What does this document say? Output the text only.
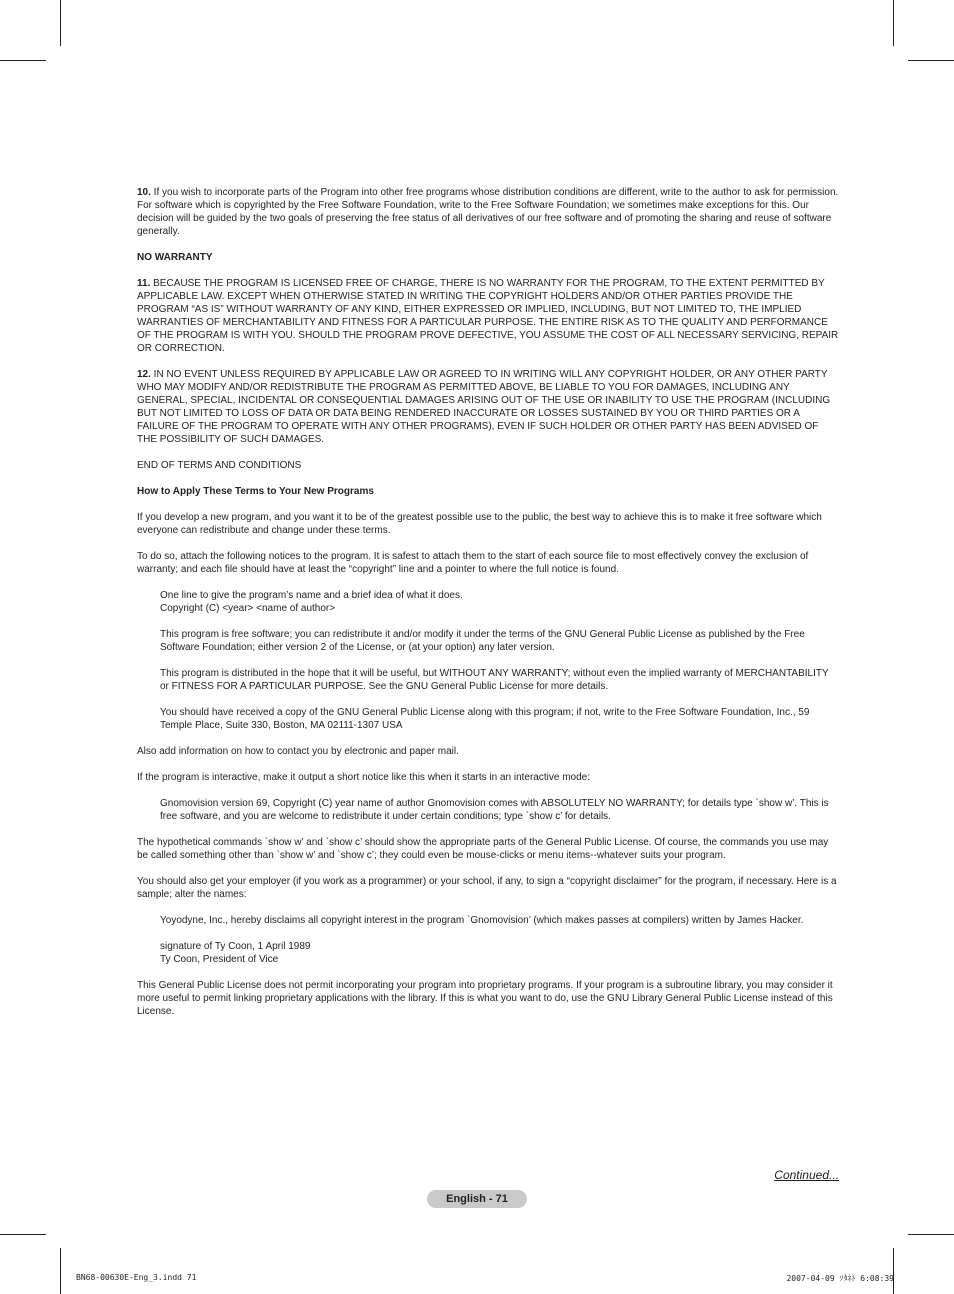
10. If you wish to incorporate parts of the Program into other free programs whose distribution conditions are different, write to the author to ask for permission. For software which is copyrighted by the Free Software Foundation, write to the Free Software Foundation; we sometimes make exceptions for this. Our decision will be guided by the two goals of preserving the free status of all derivatives of our free software and of promoting the sharing and reuse of software generally.

NO WARRANTY

11. BECAUSE THE PROGRAM IS LICENSED FREE OF CHARGE, THERE IS NO WARRANTY FOR THE PROGRAM, TO THE EXTENT PERMITTED BY APPLICABLE LAW. EXCEPT WHEN OTHERWISE STATED IN WRITING THE COPYRIGHT HOLDERS AND/OR OTHER PARTIES PROVIDE THE PROGRAM “AS IS” WITHOUT WARRANTY OF ANY KIND, EITHER EXPRESSED OR IMPLIED, INCLUDING, BUT NOT LIMITED TO, THE IMPLIED WARRANTIES OF MERCHANTABILITY AND FITNESS FOR A PARTICULAR PURPOSE. THE ENTIRE RISK AS TO THE QUALITY AND PERFORMANCE OF THE PROGRAM IS WITH YOU. SHOULD THE PROGRAM PROVE DEFECTIVE, YOU ASSUME THE COST OF ALL NECESSARY SERVICING, REPAIR OR CORRECTION.

12. IN NO EVENT UNLESS REQUIRED BY APPLICABLE LAW OR AGREED TO IN WRITING WILL ANY COPYRIGHT HOLDER, OR ANY OTHER PARTY WHO MAY MODIFY AND/OR REDISTRIBUTE THE PROGRAM AS PERMITTED ABOVE, BE LIABLE TO YOU FOR DAMAGES, INCLUDING ANY GENERAL, SPECIAL, INCIDENTAL OR CONSEQUENTIAL DAMAGES ARISING OUT OF THE USE OR INABILITY TO USE THE PROGRAM (INCLUDING BUT NOT LIMITED TO LOSS OF DATA OR DATA BEING RENDERED INACCURATE OR LOSSES SUSTAINED BY YOU OR THIRD PARTIES OR A FAILURE OF THE PROGRAM TO OPERATE WITH ANY OTHER PROGRAMS), EVEN IF SUCH HOLDER OR OTHER PARTY HAS BEEN ADVISED OF THE POSSIBILITY OF SUCH DAMAGES.

END OF TERMS AND CONDITIONS

How to Apply These Terms to Your New Programs

If you develop a new program, and you want it to be of the greatest possible use to the public, the best way to achieve this is to make it free software which everyone can redistribute and change under these terms.

To do so, attach the following notices to the program. It is safest to attach them to the start of each source file to most effectively convey the exclusion of warranty; and each file should have at least the “copyright” line and a pointer to where the full notice is found.

One line to give the program’s name and a brief idea of what it does.
Copyright (C) <year> <name of author>

This program is free software; you can redistribute it and/or modify it under the terms of the GNU General Public License as published by the Free Software Foundation; either version 2 of the License, or (at your option) any later version.

This program is distributed in the hope that it will be useful, but WITHOUT ANY WARRANTY; without even the implied warranty of MERCHANTABILITY or FITNESS FOR A PARTICULAR PURPOSE. See the GNU General Public License for more details.

You should have received a copy of the GNU General Public License along with this program; if not, write to the Free Software Foundation, Inc., 59 Temple Place, Suite 330, Boston, MA 02111-1307 USA

Also add information on how to contact you by electronic and paper mail.

If the program is interactive, make it output a short notice like this when it starts in an interactive mode:

Gnomovision version 69, Copyright (C) year name of author Gnomovision comes with ABSOLUTELY NO WARRANTY; for details type `show w’. This is free software, and you are welcome to redistribute it under certain conditions; type `show c’ for details.

The hypothetical commands `show w’ and `show c’ should show the appropriate parts of the General Public License. Of course, the commands you use may be called something other than `show w’ and `show c’; they could even be mouse-clicks or menu items--whatever suits your program.

You should also get your employer (if you work as a programmer) or your school, if any, to sign a “copyright disclaimer” for the program, if necessary. Here is a sample; alter the names:

Yoyodyne, Inc., hereby disclaims all copyright interest in the program `Gnomovision’ (which makes passes at compilers) written by James Hacker.

signature of Ty Coon, 1 April 1989
Ty Coon, President of Vice

This General Public License does not permit incorporating your program into proprietary programs. If your program is a subroutine library, you may consider it more useful to permit linking proprietary applications with the library. If this is what you want to do, use the GNU Library General Public License instead of this License.

Continued...
English - 71
BN68-00630E-Eng_3.indd 71	2007-04-09 ｿﾀﾈﾄ 6:08:39
